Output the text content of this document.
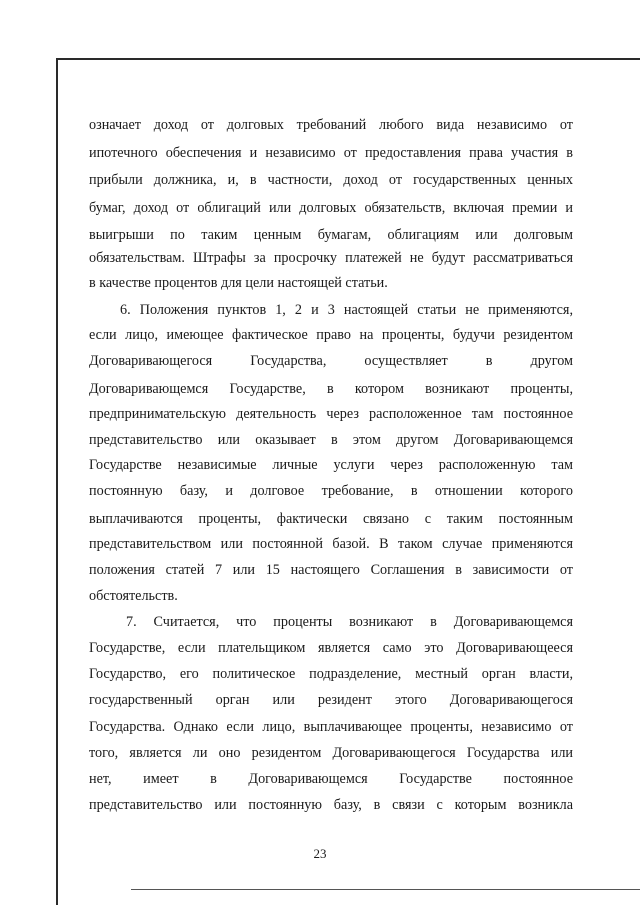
означает доход от долговых требований любого вида независимо от
ипотечного обеспечения и независимо от предоставления права участия в
прибыли должника, и, в частности, доход от государственных ценных
бумаг, доход от облигаций или долговых обязательств, включая премии и
выигрыши по таким ценным бумагам, облигациям или долговым
обязательствам. Штрафы за просрочку платежей не будут рассматриваться
в качестве процентов для цели настоящей статьи.
6. Положения пунктов 1, 2 и 3 настоящей статьи не применяются,
если лицо, имеющее фактическое право на проценты, будучи резидентом
Договаривающегося Государства, осуществляет в другом
Договаривающемся Государстве, в котором возникают проценты,
предпринимательскую деятельность через расположенное там постоянное
представительство или оказывает в этом другом Договаривающемся
Государстве независимые личные услуги через расположенную там
постоянную базу, и долговое требование, в отношении которого
выплачиваются проценты, фактически связано с таким постоянным
представительством или постоянной базой. В таком случае применяются
положения статей 7 или 15 настоящего Соглашения в зависимости от
обстоятельств.
7. Считается, что проценты возникают в Договаривающемся
Государстве, если плательщиком является само это Договаривающееся
Государство, его политическое подразделение, местный орган власти,
государственный орган или резидент этого Договаривающегося
Государства. Однако если лицо, выплачивающее проценты, независимо от
того, является ли оно резидентом Договаривающегося Государства или
нет, имеет в Договаривающемся Государстве постоянное
представительство или постоянную базу, в связи с которым возникла
23
